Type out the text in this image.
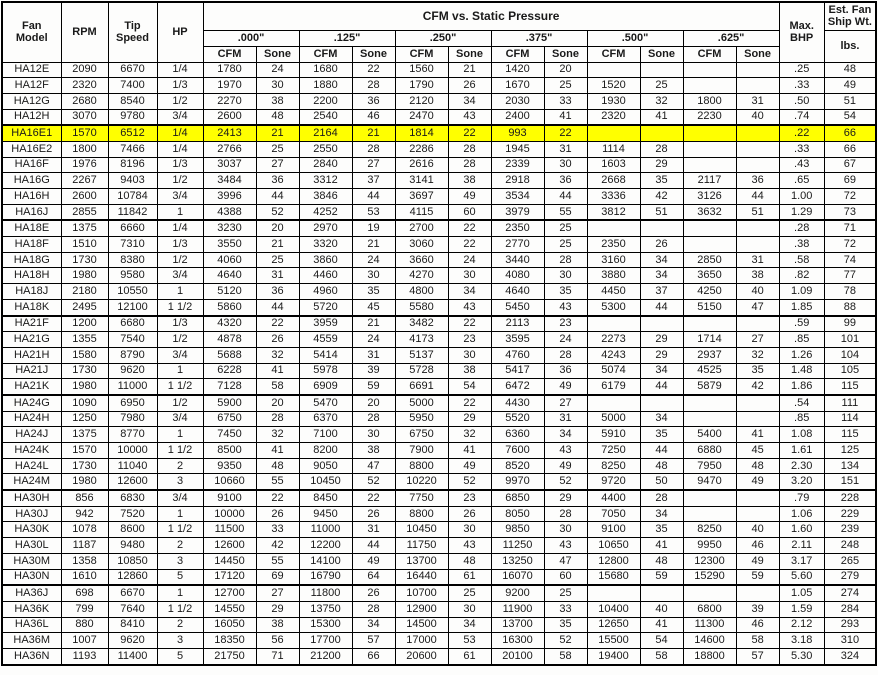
Fan Model	RPM	Tip Speed	HP	CFM vs. Static Pressure												Max. BHP	Est. Fan Ship Wt.
				.000"		.125"		.250"		.375"		.500"		.625"			lbs.
				CFM	Sone	CFM	Sone	CFM	Sone	CFM	Sone	CFM	Sone	CFM	Sone		
HA12E	2090	6670	1/4	1780	24	1680	22	1560	21	1420	20					.25	48
HA12F	2320	7400	1/3	1970	30	1880	28	1790	26	1670	25	1520	25			.33	49
HA12G	2680	8540	1/2	2270	38	2200	36	2120	34	2030	33	1930	32	1800	31	.50	51
HA12H	3070	9780	3/4	2600	48	2540	46	2470	43	2400	41	2320	41	2230	40	.74	54
HA16E1	1570	6512	1/4	2413	21	2164	21	1814	22	993	22					.22	66
HA16E2	1800	7466	1/4	2766	25	2550	28	2286	28	1945	31	1114	28			.33	66
HA16F	1976	8196	1/3	3037	27	2840	27	2616	28	2339	30	1603	29			.43	67
HA16G	2267	9403	1/2	3484	36	3312	37	3141	38	2918	36	2668	35	2117	36	.65	69
HA16H	2600	10784	3/4	3996	44	3846	44	3697	49	3534	44	3336	42	3126	44	1.00	72
HA16J	2855	11842	1	4388	52	4252	53	4115	60	3979	55	3812	51	3632	51	1.29	73
HA18E	1375	6660	1/4	3230	20	2970	19	2700	22	2350	25					.28	71
HA18F	1510	7310	1/3	3550	21	3320	21	3060	22	2770	25	2350	26			.38	72
HA18G	1730	8380	1/2	4060	25	3860	24	3660	24	3440	28	3160	34	2850	31	.58	74
HA18H	1980	9580	3/4	4640	31	4460	30	4270	30	4080	30	3880	34	3650	38	.82	77
HA18J	2180	10550	1	5120	36	4960	35	4800	34	4640	35	4450	37	4250	40	1.09	78
HA18K	2495	12100	1 1/2	5860	44	5720	45	5580	43	5450	43	5300	44	5150	47	1.85	88
HA21F	1200	6680	1/3	4320	22	3959	21	3482	22	2113	23					.59	99
HA21G	1355	7540	1/2	4878	26	4559	24	4173	23	3595	24	2273	29	1714	27	.85	101
HA21H	1580	8790	3/4	5688	32	5414	31	5137	30	4760	28	4243	29	2937	32	1.26	104
HA21J	1730	9620	1	6228	41	5978	39	5728	38	5417	36	5074	34	4525	35	1.48	105
HA21K	1980	11000	1 1/2	7128	58	6909	59	6691	54	6472	49	6179	44	5879	42	1.86	115
HA24G	1090	6950	1/2	5900	20	5470	20	5000	22	4430	27					.54	111
HA24H	1250	7980	3/4	6750	28	6370	28	5950	29	5520	31	5000	34			.85	114
HA24J	1375	8770	1	7450	32	7100	30	6750	32	6360	34	5910	35	5400	41	1.08	115
HA24K	1570	10000	1 1/2	8500	41	8200	38	7900	41	7600	43	7250	44	6880	45	1.61	125
HA24L	1730	11040	2	9350	48	9050	47	8800	49	8520	49	8250	48	7950	48	2.30	134
HA24M	1980	12600	3	10660	55	10450	52	10220	52	9970	52	9720	50	9470	49	3.20	151
HA30H	856	6830	3/4	9100	22	8450	22	7750	23	6850	29	4400	28			.79	228
HA30J	942	7520	1	10000	26	9450	26	8800	26	8050	28	7050	34			1.06	229
HA30K	1078	8600	1 1/2	11500	33	11000	31	10450	30	9850	30	9100	35	8250	40	1.60	239
HA30L	1187	9480	2	12600	42	12200	44	11750	43	11250	43	10650	41	9950	46	2.11	248
HA30M	1358	10850	3	14450	55	14100	49	13700	48	13250	47	12800	48	12300	49	3.17	265
HA30N	1610	12860	5	17120	69	16790	64	16440	61	16070	60	15680	59	15290	59	5.60	279
HA36J	698	6670	1	12700	27	11800	26	10700	25	9200	25					1.05	274
HA36K	799	7640	1 1/2	14550	29	13750	28	12900	30	11900	33	10400	40	6800	39	1.59	284
HA36L	880	8410	2	16050	38	15300	34	14500	34	13700	35	12650	41	11300	46	2.12	293
HA36M	1007	9620	3	18350	56	17700	57	17000	53	16300	52	15500	54	14600	58	3.18	310
HA36N	1193	11400	5	21750	71	21200	66	20600	61	20100	58	19400	58	18800	57	5.30	324
